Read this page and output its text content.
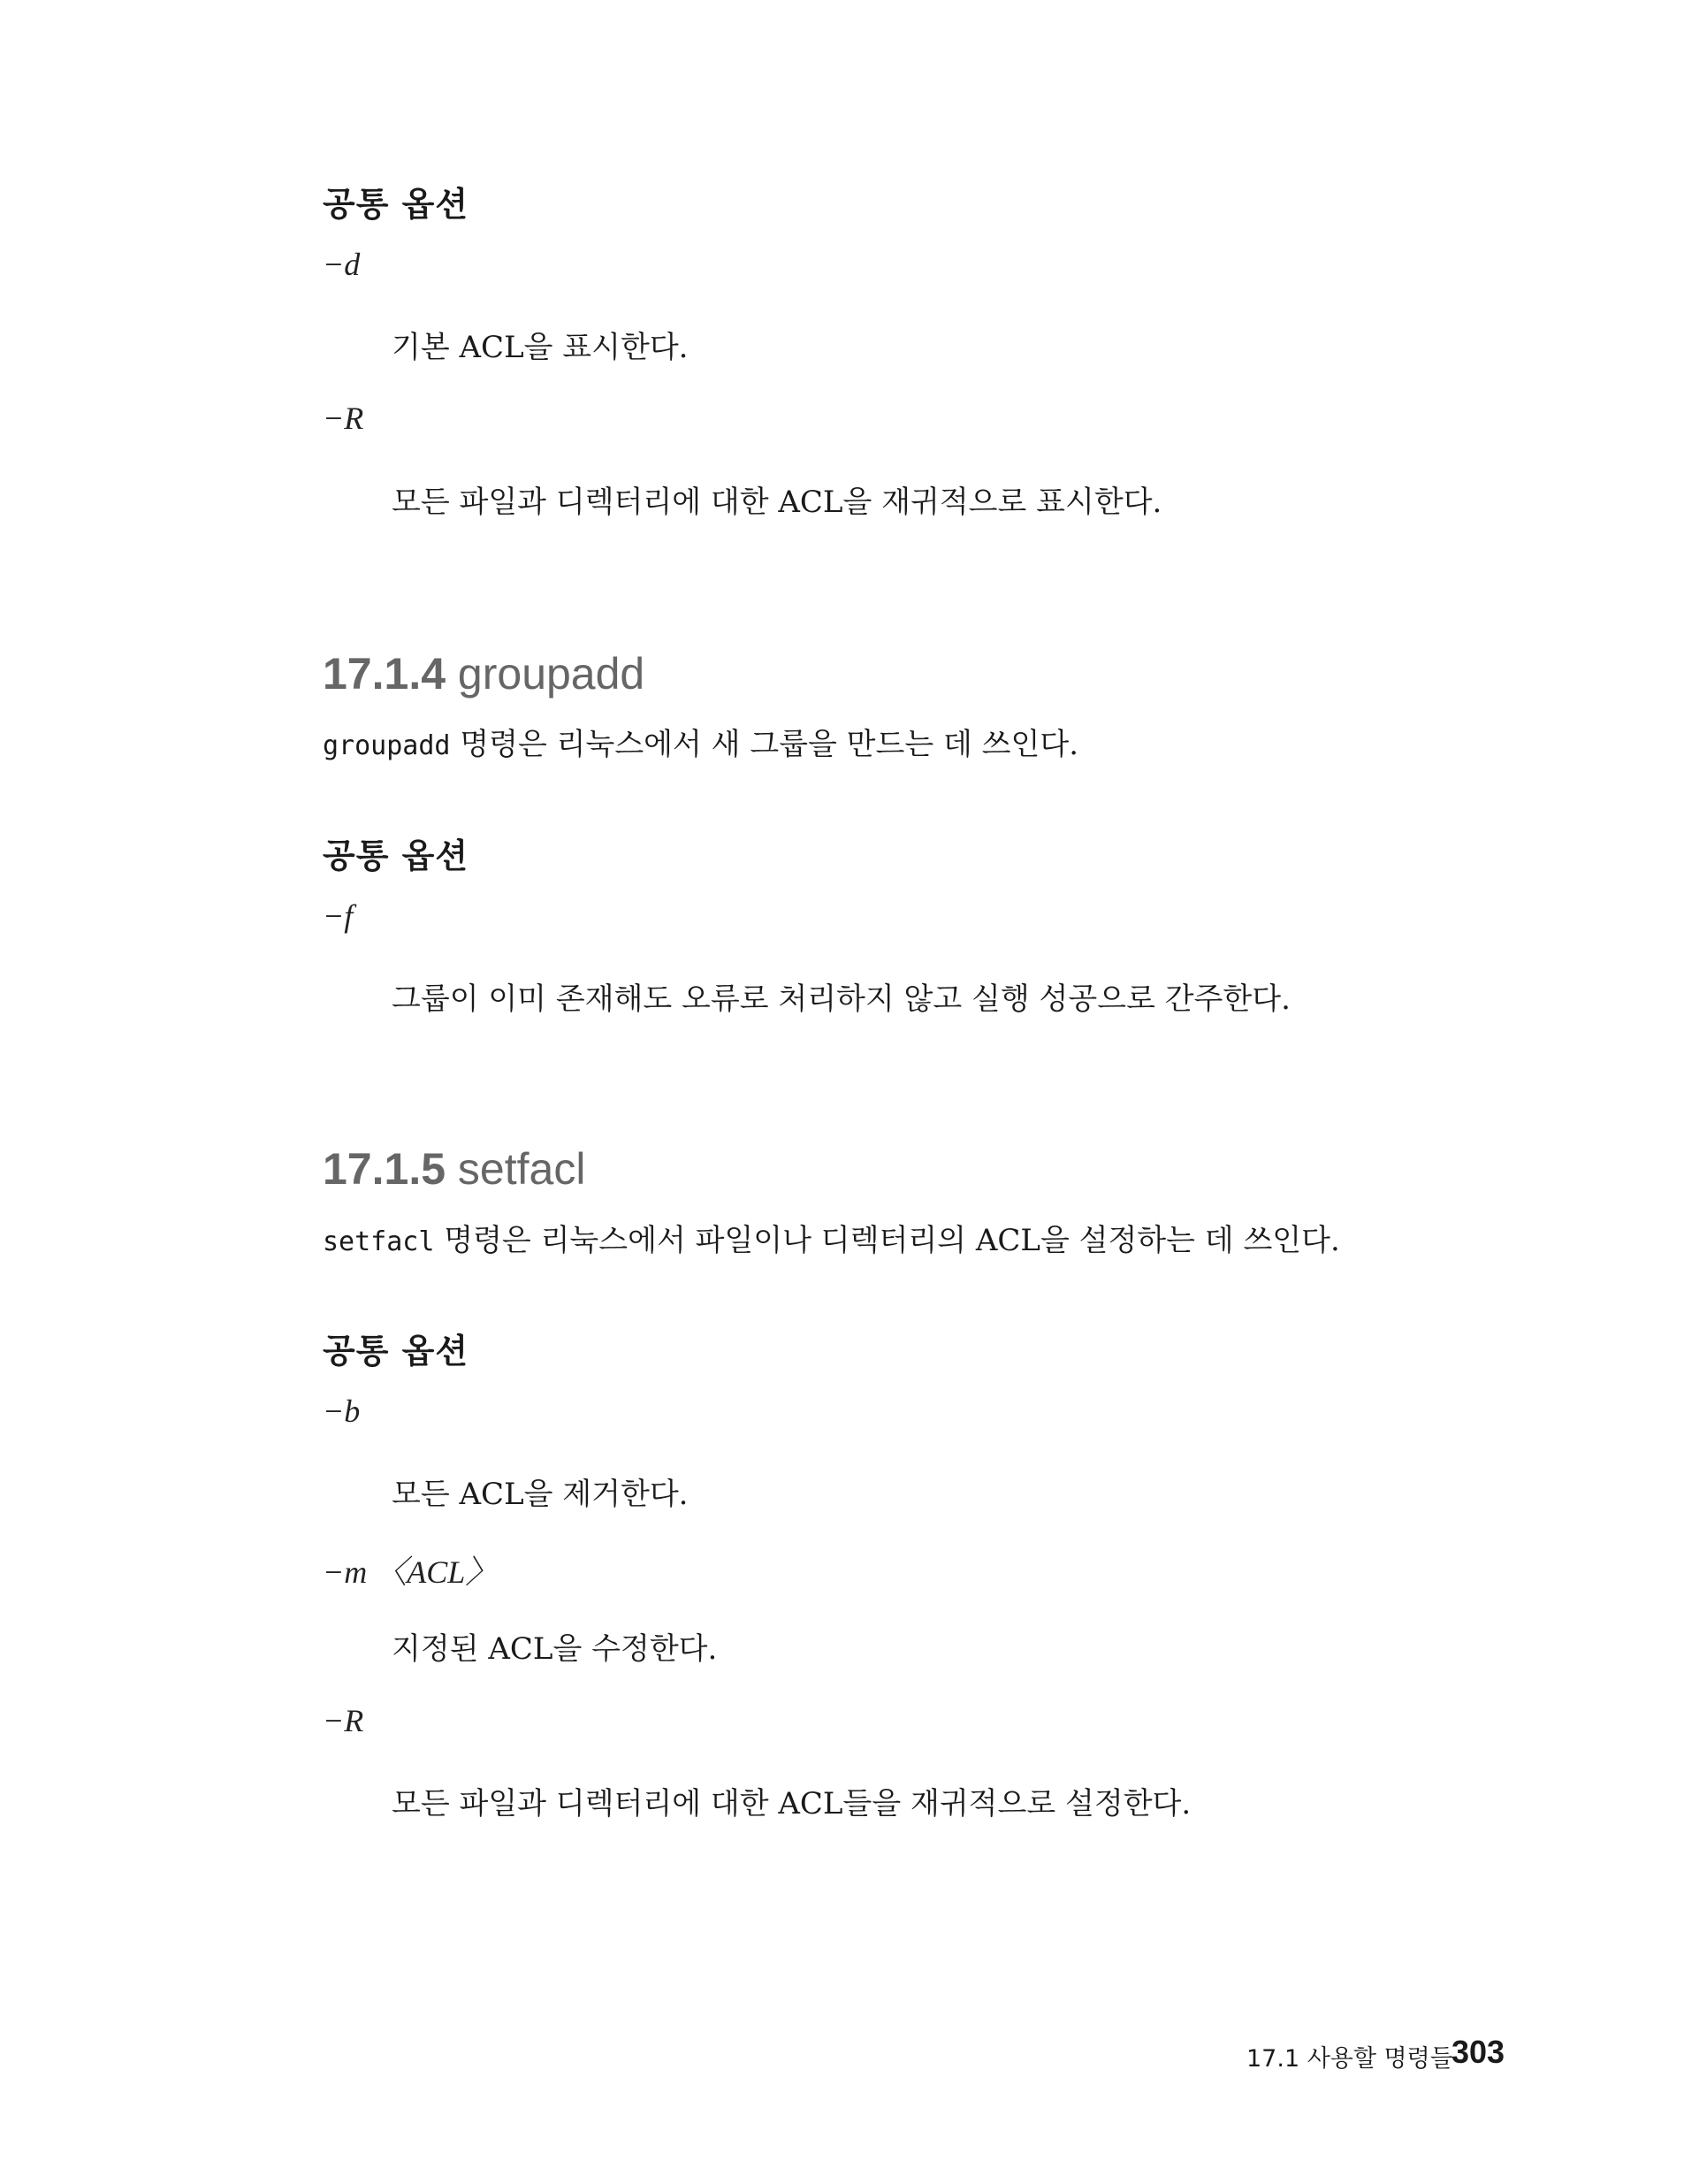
공통 옵션
−d
기본 ACL을 표시한다.
−R
모든 파일과 디렉터리에 대한 ACL을 재귀적으로 표시한다.
17.1.4 groupadd
groupadd 명령은 리눅스에서 새 그룹을 만드는 데 쓰인다.
공통 옵션
−f
그룹이 이미 존재해도 오류로 처리하지 않고 실행 성공으로 간주한다.
17.1.5 setfacl
setfacl 명령은 리눅스에서 파일이나 디렉터리의 ACL을 설정하는 데 쓰인다.
공통 옵션
−b
모든 ACL을 제거한다.
−m 〈ACL〉
지정된 ACL을 수정한다.
−R
모든 파일과 디렉터리에 대한 ACL들을 재귀적으로 설정한다.
17.1 사용할 명령들
303
